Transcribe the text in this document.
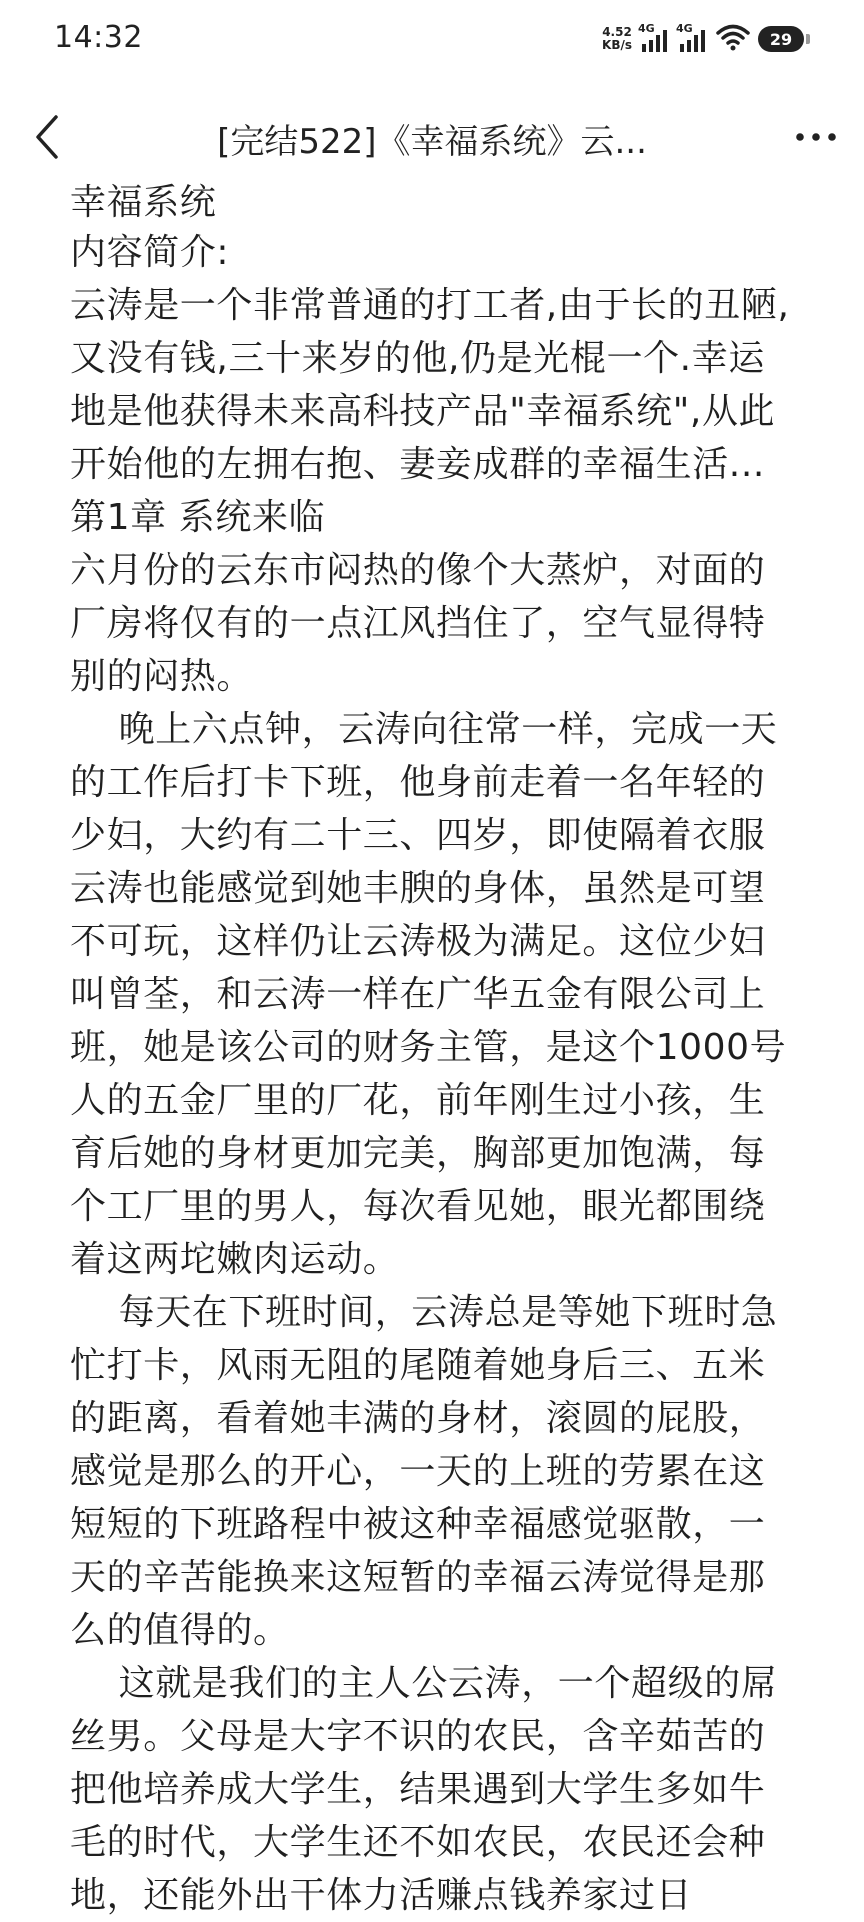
14:32	4.52
KB/s
4G 4G
29
[完结522]《幸福系统》云...

幸福系统

内容简介:

云涛是一个非常普通的打工者,由于长的丑陋,又没有钱,三十来岁的他,仍是光棍一个.幸运地是他获得未来高科技产品"幸福系统",从此开始他的左拥右抱、妻妾成群的幸福生活...

第1章 系统来临

六月份的云东市闷热的像个大蒸炉，对面的厂房将仅有的一点江风挡住了，空气显得特别的闷热。

晚上六点钟，云涛向往常一样，完成一天的工作后打卡下班，他身前走着一名年轻的少妇，大约有二十三、四岁，即使隔着衣服云涛也能感觉到她丰腴的身体，虽然是可望不可玩，这样仍让云涛极为满足。这位少妇叫曾荃，和云涛一样在广华五金有限公司上班，她是该公司的财务主管，是这个1000号人的五金厂里的厂花，前年刚生过小孩，生育后她的身材更加完美，胸部更加饱满，每个工厂里的男人，每次看见她，眼光都围绕着这两坨嫩肉运动。

每天在下班时间，云涛总是等她下班时急忙打卡，风雨无阻的尾随着她身后三、五米的距离，看着她丰满的身材，滚圆的屁股，感觉是那么的开心，一天的上班的劳累在这短短的下班路程中被这种幸福感觉驱散，一天的辛苦能换来这短暂的幸福云涛觉得是那么的值得的。

这就是我们的主人公云涛，一个超级的屌丝男。父母是大字不识的农民，含辛茹苦的把他培养成大学生，结果遇到大学生多如牛毛的时代，大学生还不如农民，农民还会种地，还能外出干体力活赚点钱养家过日
